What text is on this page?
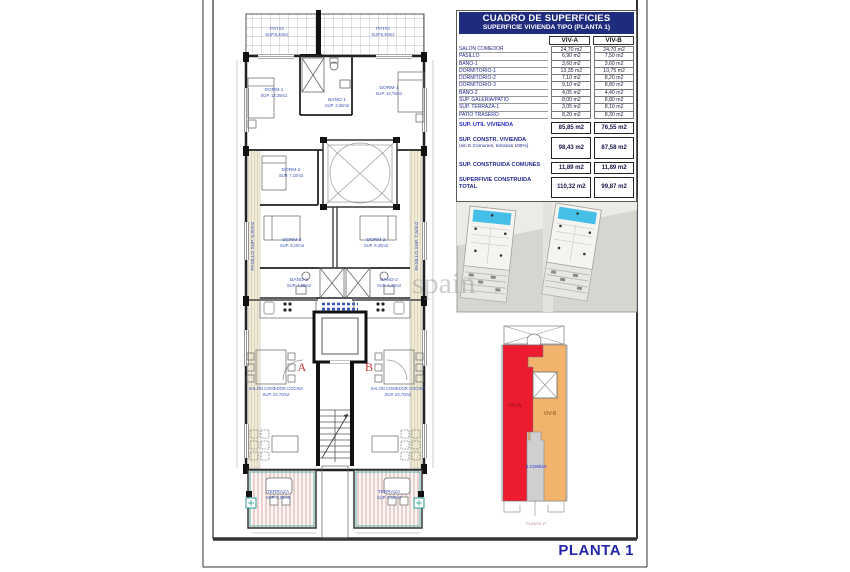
A	B
PATIO
SUP.8,20m2
PATIO
SUP.8,30m2
DORM-1
SUP. 13,35m2
BAÑO-1
SUP. 3,60m2
DORM-1
SUP. 10,75m2
DORM-2
SUP. 7,10m2
PASILLO SUP. 6,90m2	PASILLO SUP. 7,50m2
DORM-3
SUP. 9,10m2
DORM-2
SUP. 8,20m2
BAÑO-2
SUP. 4,05m2
BAÑO-2
SUP. 4,40m2
SALÓN COMEDOR COCINA
SUP. 24,70m2
SALÓN COMEDOR COCINA
SUP. 24,70m2
TERRAZA
SUP. 3,05m2
TERRAZA
SUP. 8,10m2
spain
VIV-A
VIV-B
S.COMÚN
PLANTA 1ª
CUADRO DE SUPERFICIES
SUPERFICIE VIVIENDA TIPO (PLANTA 1)
VIV-A	VIV-B
SALON COMEDOR	24,70 m2	24,70 m2
PASILLO	6,90 m2	7,50 m2
BAÑO-1	3,60 m2	3,60 m2
DORMITORIO-1	13,35 m2	10,75 m2
DORMITORIO-2	7,10 m2	8,20 m2
DORMITORIO-3	9,10 m2	8,80 m2
BAÑO-2	4,05 m2	4,40 m2
SUP. GALERIA/PATIO	8,00 m2	8,80 m2
SUP. TERRAZA-1	3,05 m2	8,10 m2
PATIO TRASERO	8,20 m2	8,30 m2
SUP. UTIL VIVIENDA	85,85 m2	76,55 m2
SUP. CONSTR. VIVIENDA
(sin E.Comunes, terrazas 100%)	98,43 m2	87,58 m2
SUP. CONSTRUIDA COMUNES	11,89 m2	11,89 m2
SUPERFIVIE CONSTRUIDA
TOTAL	110,32 m2	99,87 m2
PLANTA 1
